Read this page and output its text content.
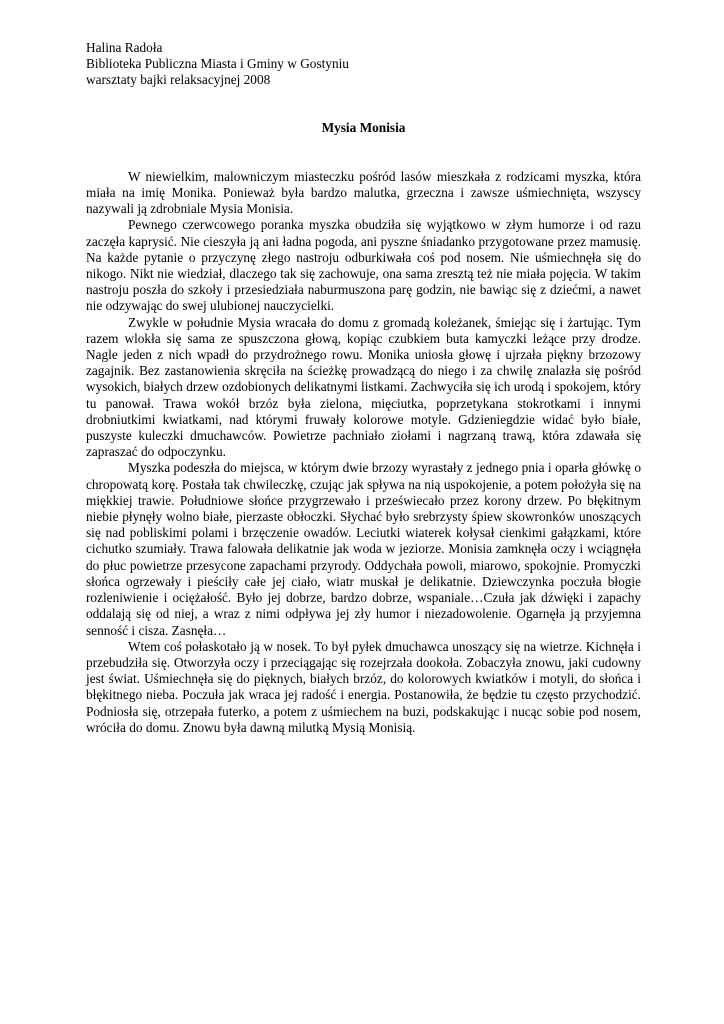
Halina Radoła

Biblioteka Publiczna Miasta i Gminy w Gostyniu

warsztaty bajki relaksacyjnej 2008

Mysia Monisia

W niewielkim, malowniczym miasteczku pośród lasów mieszkała z rodzicami myszka, która miała na imię Monika. Ponieważ była bardzo malutka, grzeczna i zawsze uśmiechnięta, wszyscy nazywali ją zdrobniale Mysia Monisia.

Pewnego czerwcowego poranka myszka obudziła się wyjątkowo w złym humorze i od razu zaczęła kaprysić. Nie cieszyła ją ani ładna pogoda, ani pyszne śniadanko przygotowane przez mamusię. Na każde pytanie o przyczynę złego nastroju odburkiwała coś pod nosem. Nie uśmiechnęła się do nikogo. Nikt nie wiedział, dlaczego tak się zachowuje, ona sama zresztą też nie miała pojęcia. W takim nastroju poszła do szkoły i przesiedziała naburmuszona parę godzin, nie bawiąc się z dziećmi, a nawet nie odzywając do swej ulubionej nauczycielki.

Zwykle w południe Mysia wracała do domu z gromadą koleżanek, śmiejąc się i żartując. Tym razem wlokła się sama ze spuszczona głową, kopiąc czubkiem buta kamyczki leżące przy drodze. Nagle jeden z nich wpadł do przydrożnego rowu. Monika uniosła głowę i ujrzała piękny brzozowy zagajnik. Bez zastanowienia skręciła na ścieżkę prowadzącą do niego i za chwilę znalazła się pośród wysokich, białych drzew ozdobionych delikatnymi listkami. Zachwyciła się ich urodą i spokojem, który tu panował. Trawa wokół brzóz była zielona, mięciutka, poprzetykana stokrotkami i innymi drobniutkimi kwiatkami, nad którymi fruwały kolorowe motyle. Gdzieniegdzie widać było białe, puszyste kuleczki dmuchawców. Powietrze pachniało ziołami i nagrzaną trawą, która zdawała się zapraszać do odpoczynku.

Myszka podeszła do miejsca, w którym dwie brzozy wyrastały z jednego pnia i oparła główkę o chropowatą korę. Postała tak chwileczkę, czując jak spływa na nią uspokojenie, a potem położyła się na miękkiej trawie. Południowe słońce przygrzewało i przeświecało przez korony drzew. Po błękitnym niebie płynęły wolno białe, pierzaste obłoczki. Słychać było srebrzysty śpiew skowronków unoszących się nad pobliskimi polami i brzęczenie owadów. Leciutki wiaterek kołysał cienkimi gałązkami, które cichutko szumiały. Trawa falowała delikatnie jak woda w jeziorze. Monisia zamknęła oczy i wciągnęła do płuc powietrze przesycone zapachami przyrody. Oddychała powoli, miarowo, spokojnie. Promyczki słońca ogrzewały i pieściły całe jej ciało, wiatr muskał je delikatnie. Dziewczynka poczuła błogie rozleniwienie i ociężałość. Było jej dobrze, bardzo dobrze, wspaniale…Czuła jak dźwięki i zapachy oddalają się od niej, a wraz z nimi odpływa jej zły humor i niezadowolenie. Ogarnęła ją przyjemna senność i cisza. Zasnęła…

Wtem coś połaskotało ją w nosek. To był pyłek dmuchawca unoszący się na wietrze. Kichnęła i przebudziła się. Otworzyła oczy i przeciągając się rozejrzała dookoła. Zobaczyła znowu, jaki cudowny jest świat. Uśmiechnęła się do pięknych, białych brzóz, do kolorowych kwiatków i motyli, do słońca i błękitnego nieba. Poczuła jak wraca jej radość i energia. Postanowiła, że będzie tu często przychodzić. Podniosła się, otrzepała futerko, a potem z uśmiechem na buzi, podskakując i nucąc sobie pod nosem, wróciła do domu. Znowu była dawną milutką Mysią Monisią.
